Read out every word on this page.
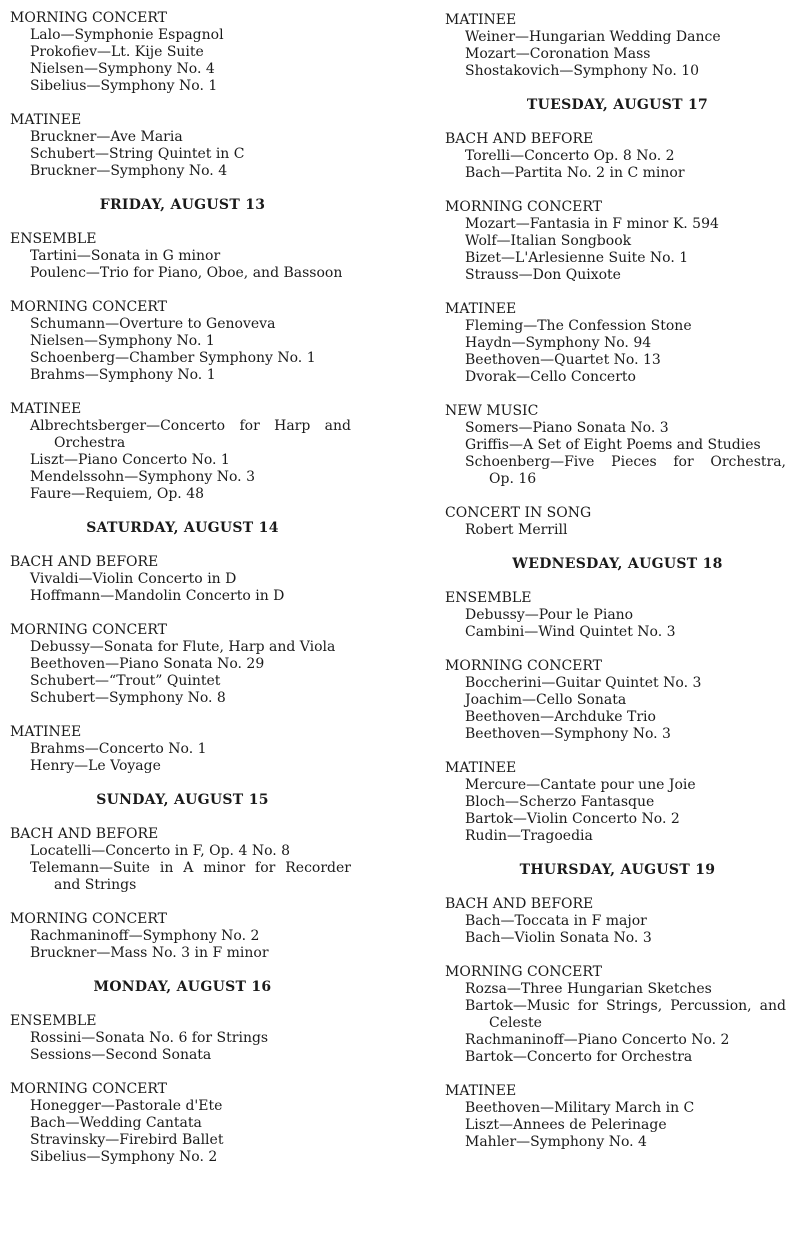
MORNING CONCERT
Lalo—Symphonie Espagnol
Prokofiev—Lt. Kije Suite
Nielsen—Symphony No. 4
Sibelius—Symphony No. 1
MATINEE
Bruckner—Ave Maria
Schubert—String Quintet in C
Bruckner—Symphony No. 4
FRIDAY, AUGUST 13
ENSEMBLE
Tartini—Sonata in G minor
Poulenc—Trio for Piano, Oboe, and Bassoon
MORNING CONCERT
Schumann—Overture to Genoveva
Nielsen—Symphony No. 1
Schoenberg—Chamber Symphony No. 1
Brahms—Symphony No. 1
MATINEE
Albrechtsberger—Concerto for Harp and
Orchestra
Liszt—Piano Concerto No. 1
Mendelssohn—Symphony No. 3
Faure—Requiem, Op. 48
SATURDAY, AUGUST 14
BACH AND BEFORE
Vivaldi—Violin Concerto in D
Hoffmann—Mandolin Concerto in D
MORNING CONCERT
Debussy—Sonata for Flute, Harp and Viola
Beethoven—Piano Sonata No. 29
Schubert—“Trout” Quintet
Schubert—Symphony No. 8
MATINEE
Brahms—Concerto No. 1
Henry—Le Voyage
SUNDAY, AUGUST 15
BACH AND BEFORE
Locatelli—Concerto in F, Op. 4 No. 8
Telemann—Suite in A minor for Recorder
and Strings
MORNING CONCERT
Rachmaninoff—Symphony No. 2
Bruckner—Mass No. 3 in F minor
MONDAY, AUGUST 16
ENSEMBLE
Rossini—Sonata No. 6 for Strings
Sessions—Second Sonata
MORNING CONCERT
Honegger—Pastorale d'Ete
Bach—Wedding Cantata
Stravinsky—Firebird Ballet
Sibelius—Symphony No. 2
MATINEE
Weiner—Hungarian Wedding Dance
Mozart—Coronation Mass
Shostakovich—Symphony No. 10
TUESDAY, AUGUST 17
BACH AND BEFORE
Torelli—Concerto Op. 8 No. 2
Bach—Partita No. 2 in C minor
MORNING CONCERT
Mozart—Fantasia in F minor K. 594
Wolf—Italian Songbook
Bizet—L'Arlesienne Suite No. 1
Strauss—Don Quixote
MATINEE
Fleming—The Confession Stone
Haydn—Symphony No. 94
Beethoven—Quartet No. 13
Dvorak—Cello Concerto
NEW MUSIC
Somers—Piano Sonata No. 3
Griffis—A Set of Eight Poems and Studies
Schoenberg—Five Pieces for Orchestra,
Op. 16
CONCERT IN SONG
Robert Merrill
WEDNESDAY, AUGUST 18
ENSEMBLE
Debussy—Pour le Piano
Cambini—Wind Quintet No. 3
MORNING CONCERT
Boccherini—Guitar Quintet No. 3
Joachim—Cello Sonata
Beethoven—Archduke Trio
Beethoven—Symphony No. 3
MATINEE
Mercure—Cantate pour une Joie
Bloch—Scherzo Fantasque
Bartok—Violin Concerto No. 2
Rudin—Tragoedia
THURSDAY, AUGUST 19
BACH AND BEFORE
Bach—Toccata in F major
Bach—Violin Sonata No. 3
MORNING CONCERT
Rozsa—Three Hungarian Sketches
Bartok—Music for Strings, Percussion, and
Celeste
Rachmaninoff—Piano Concerto No. 2
Bartok—Concerto for Orchestra
MATINEE
Beethoven—Military March in C
Liszt—Annees de Pelerinage
Mahler—Symphony No. 4
